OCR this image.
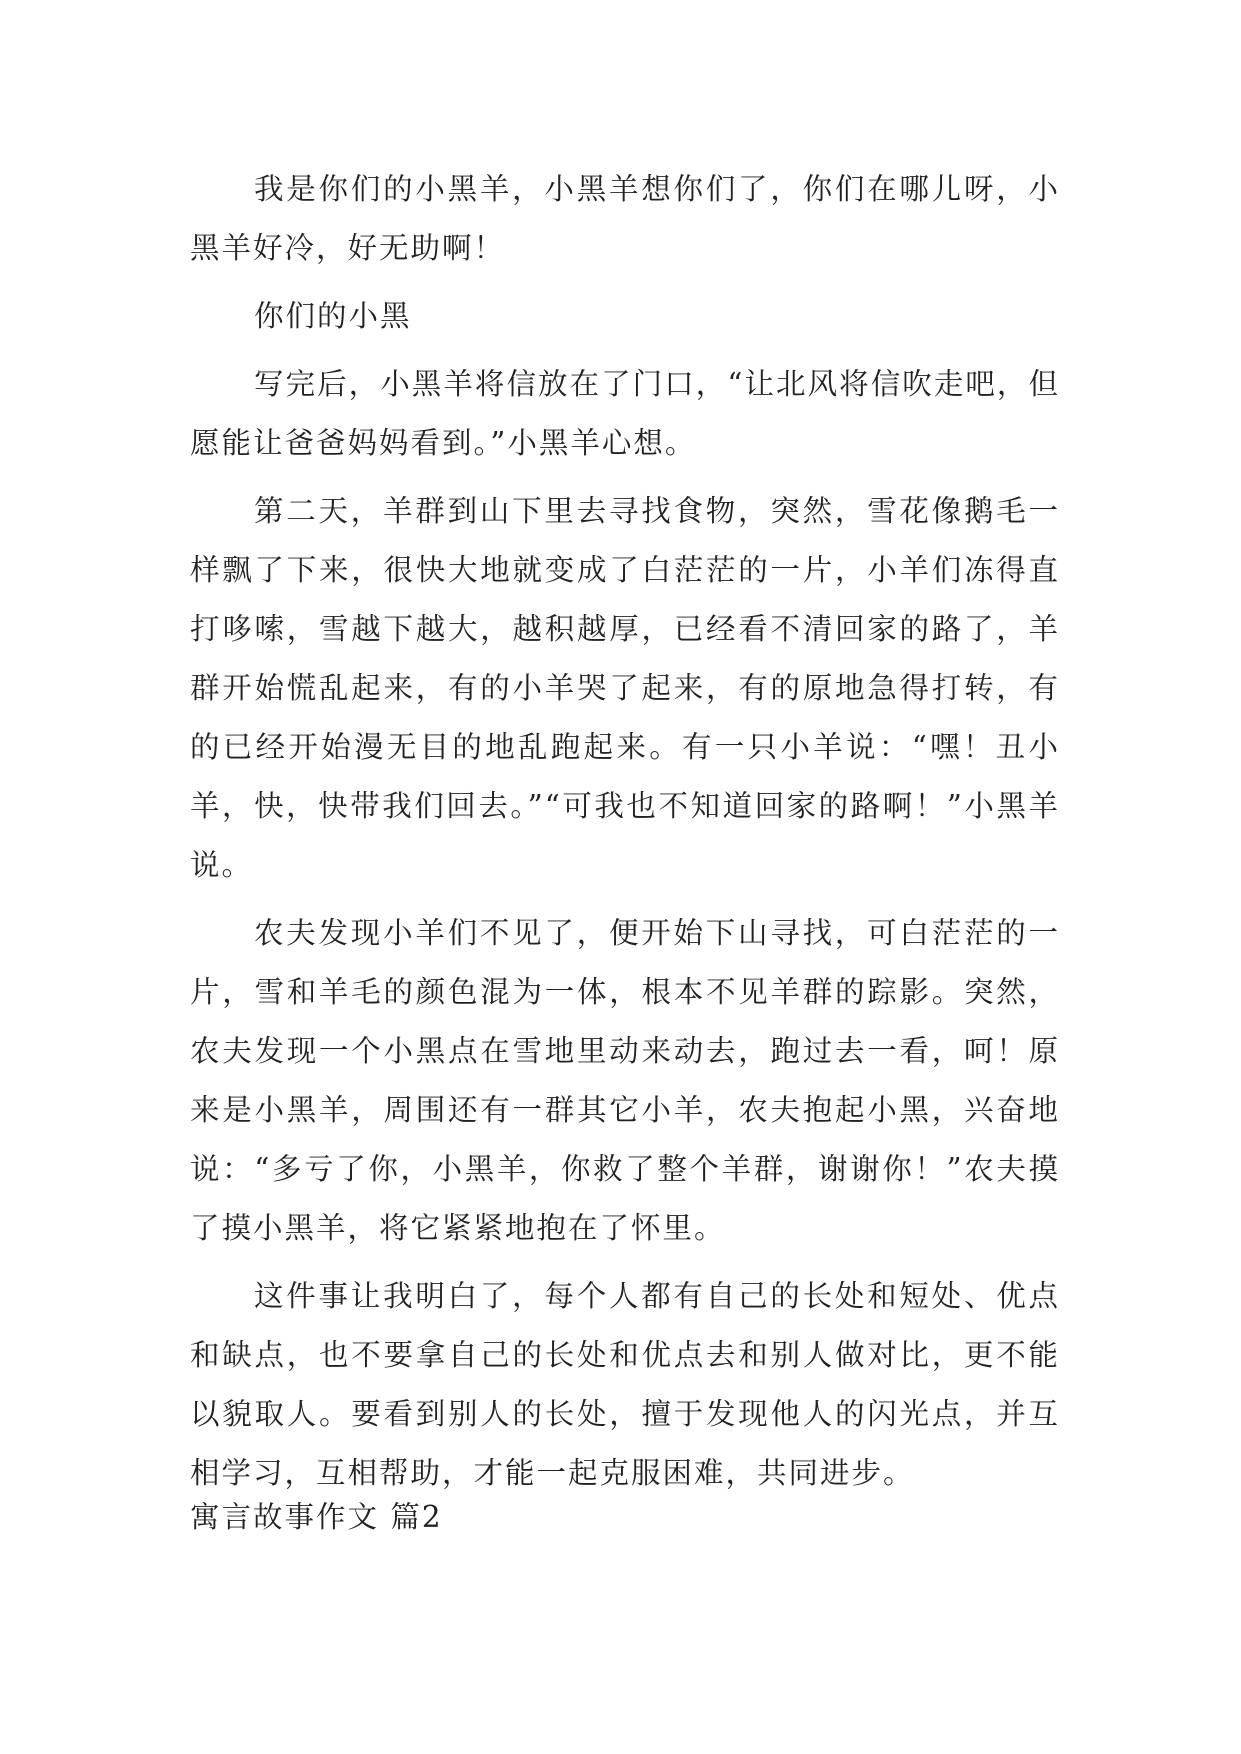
我是你们的小黑羊，小黑羊想你们了，你们在哪儿呀，小黑羊好冷，好无助啊！

你们的小黑

写完后，小黑羊将信放在了门口，“让北风将信吹走吧，但愿能让爸爸妈妈看到。”小黑羊心想。

第二天，羊群到山下里去寻找食物，突然，雪花像鹅毛一样飘了下来，很快大地就变成了白茫茫的一片，小羊们冻得直打哆嗦，雪越下越大，越积越厚，已经看不清回家的路了，羊群开始慌乱起来，有的小羊哭了起来，有的原地急得打转，有的已经开始漫无目的地乱跑起来。有一只小羊说：“嘿！丑小羊，快，快带我们回去。”“可我也不知道回家的路啊！”小黑羊说。

农夫发现小羊们不见了，便开始下山寻找，可白茫茫的一片，雪和羊毛的颜色混为一体，根本不见羊群的踪影。突然，农夫发现一个小黑点在雪地里动来动去，跑过去一看，呵！原来是小黑羊，周围还有一群其它小羊，农夫抱起小黑，兴奋地说：“多亏了你，小黑羊，你救了整个羊群，谢谢你！”农夫摸了摸小黑羊，将它紧紧地抱在了怀里。

这件事让我明白了，每个人都有自己的长处和短处、优点和缺点，也不要拿自己的长处和优点去和别人做对比，更不能以貌取人。要看到别人的长处，擅于发现他人的闪光点，并互相学习，互相帮助，才能一起克服困难，共同进步。

寓言故事作文 篇2
